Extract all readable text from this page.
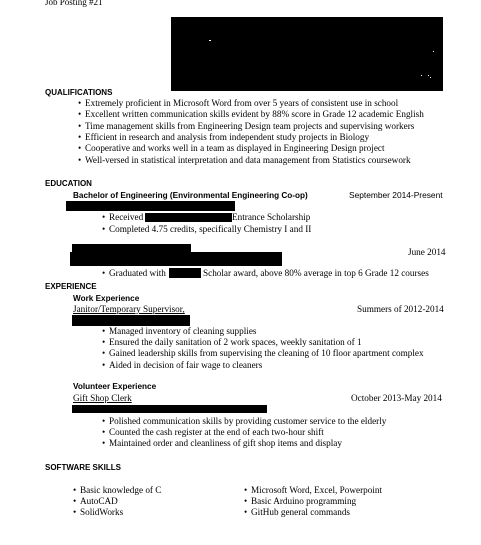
Job Posting #21
QUALIFICATIONS
• Extremely proficient in Microsoft Word from over 5 years of consistent use in school
• Excellent written communication skills evident by 88% score in Grade 12 academic English
• Time management skills from Engineering Design team projects and supervising workers
• Efficient in research and analysis from independent study projects in Biology
• Cooperative and works well in a team as displayed in Engineering Design project
• Well-versed in statistical interpretation and data management from Statistics coursework
EDUCATION
Bachelor of Engineering (Environmental Engineering Co-op)	September 2014-Present
• Received	Entrance Scholarship
• Completed 4.75 credits, specifically Chemistry I and II
June 2014
• Graduated with	Scholar award, above 80% average in top 6 Grade 12 courses
EXPERIENCE
Work Experience
Janitor/Temporary Supervisor,	Summers of 2012-2014
• Managed inventory of cleaning supplies
• Ensured the daily sanitation of 2 work spaces, weekly sanitation of 1
• Gained leadership skills from supervising the cleaning of 10 floor apartment complex
• Aided in decision of fair wage to cleaners
Volunteer Experience
Gift Shop Clerk	October 2013-May 2014
• Polished communication skills by providing customer service to the elderly
• Counted the cash register at the end of each two-hour shift
• Maintained order and cleanliness of gift shop items and display
SOFTWARE SKILLS
• Basic knowledge of C
• AutoCAD
• SolidWorks
• Microsoft Word, Excel, Powerpoint
• Basic Arduino programming
• GitHub general commands
